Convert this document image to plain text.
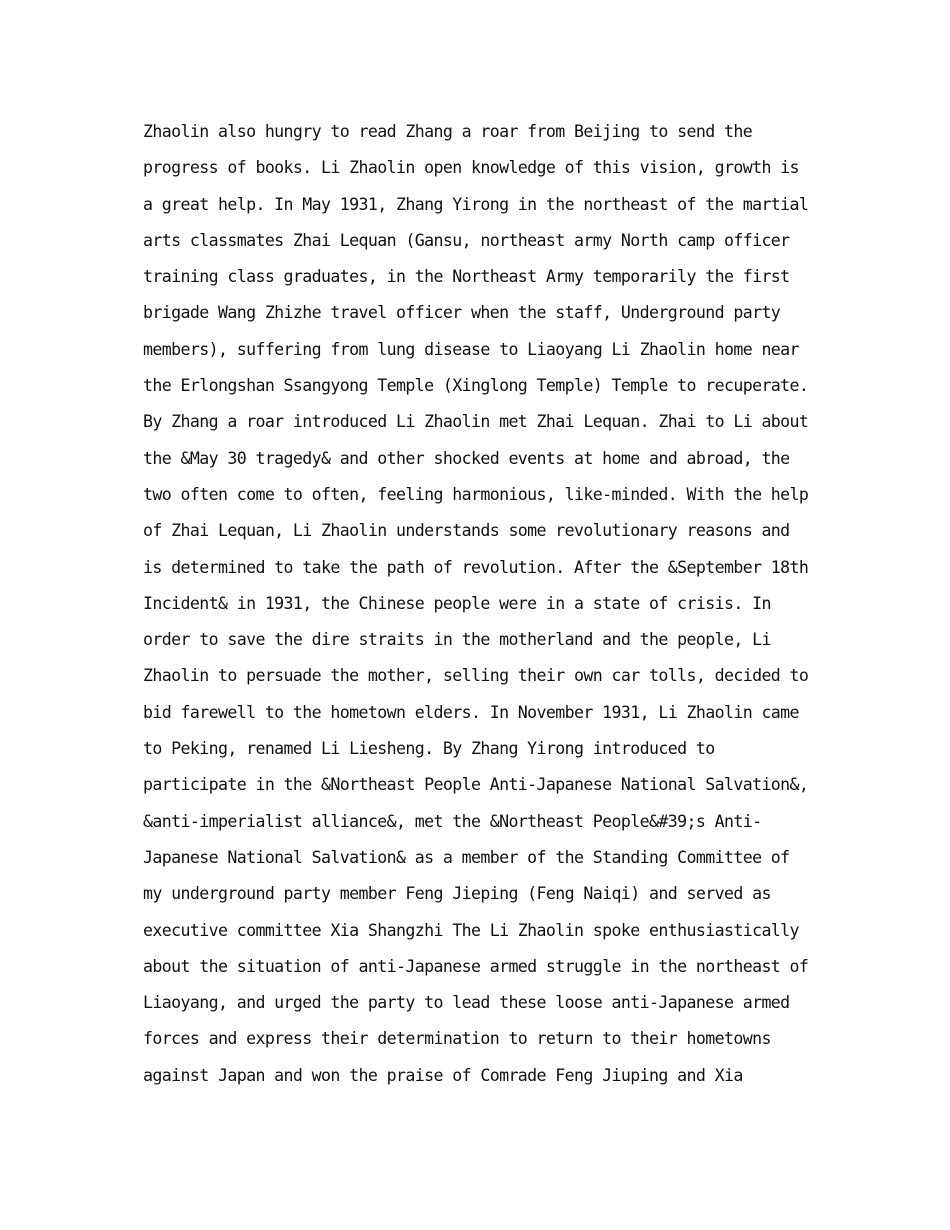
Zhaolin also hungry to read Zhang a roar from Beijing to send the
progress of books. Li Zhaolin open knowledge of this vision, growth is
a great help. In May 1931, Zhang Yirong in the northeast of the martial
arts classmates Zhai Lequan (Gansu, northeast army North camp officer
training class graduates, in the Northeast Army temporarily the first
brigade Wang Zhizhe travel officer when the staff, Underground party
members), suffering from lung disease to Liaoyang Li Zhaolin home near
the Erlongshan Ssangyong Temple (Xinglong Temple) Temple to recuperate.
By Zhang a roar introduced Li Zhaolin met Zhai Lequan. Zhai to Li about
the &May 30 tragedy& and other shocked events at home and abroad, the
two often come to often, feeling harmonious, like-minded. With the help
of Zhai Lequan, Li Zhaolin understands some revolutionary reasons and
is determined to take the path of revolution. After the &September 18th
Incident& in 1931, the Chinese people were in a state of crisis. In
order to save the dire straits in the motherland and the people, Li
Zhaolin to persuade the mother, selling their own car tolls, decided to
bid farewell to the hometown elders. In November 1931, Li Zhaolin came
to Peking, renamed Li Liesheng. By Zhang Yirong introduced to
participate in the &Northeast People Anti-Japanese National Salvation&,
&anti-imperialist alliance&, met the &Northeast People&#39;s Anti-
Japanese National Salvation& as a member of the Standing Committee of
my underground party member Feng Jieping (Feng Naiqi) and served as
executive committee Xia Shangzhi The Li Zhaolin spoke enthusiastically
about the situation of anti-Japanese armed struggle in the northeast of
Liaoyang, and urged the party to lead these loose anti-Japanese armed
forces and express their determination to return to their hometowns
against Japan and won the praise of Comrade Feng Jiuping and Xia
